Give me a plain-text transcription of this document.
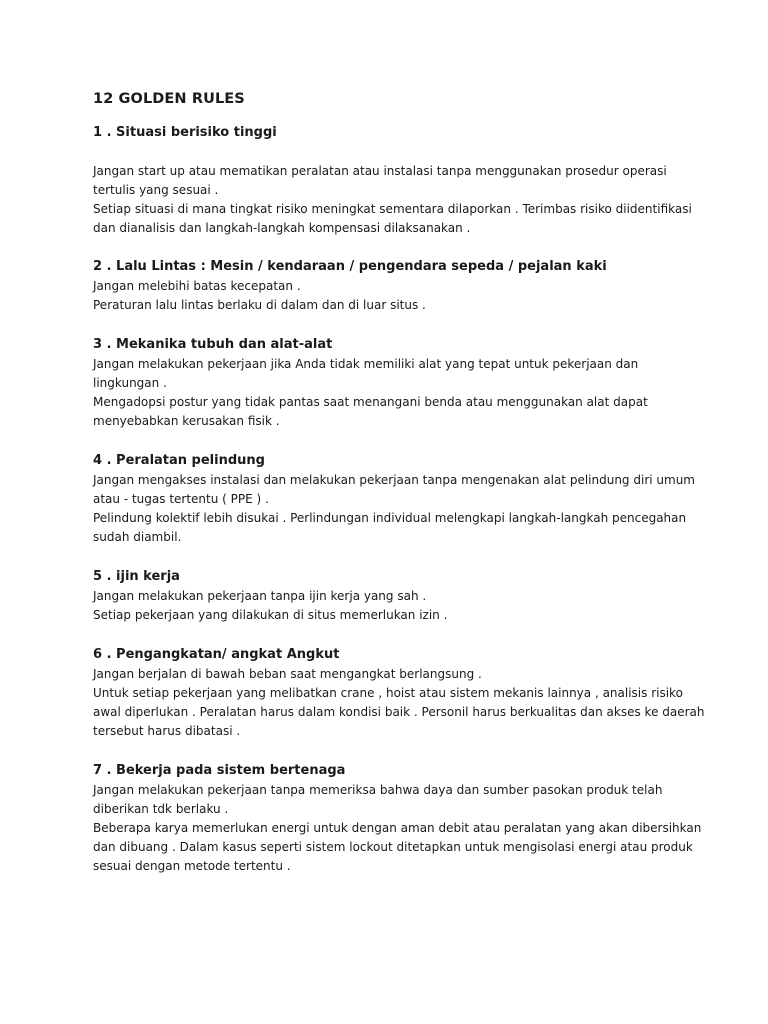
12 GOLDEN RULES
1 . Situasi berisiko tinggi

Jangan start up atau mematikan peralatan atau instalasi tanpa menggunakan prosedur operasi tertulis yang sesuai .

Setiap situasi di mana tingkat risiko meningkat sementara dilaporkan . Terimbas risiko diidentifikasi dan dianalisis dan langkah-langkah kompensasi dilaksanakan .

2 . Lalu Lintas : Mesin / kendaraan / pengendara sepeda / pejalan kaki

Jangan melebihi batas kecepatan .

Peraturan lalu lintas berlaku di dalam dan di luar situs .

3 . Mekanika tubuh dan alat-alat

Jangan melakukan pekerjaan jika Anda tidak memiliki alat yang tepat untuk pekerjaan dan lingkungan .

Mengadopsi postur yang tidak pantas saat menangani benda atau menggunakan alat dapat menyebabkan kerusakan fisik .

4 . Peralatan pelindung

Jangan mengakses instalasi dan melakukan pekerjaan tanpa mengenakan alat pelindung diri umum atau - tugas tertentu ( PPE ) .

Pelindung kolektif lebih disukai . Perlindungan individual melengkapi langkah-langkah pencegahan sudah diambil.

5 . ijin kerja

Jangan melakukan pekerjaan tanpa ijin kerja yang sah .

Setiap pekerjaan yang dilakukan di situs memerlukan izin .

6 . Pengangkatan/ angkat Angkut

Jangan berjalan di bawah beban saat mengangkat berlangsung .

Untuk setiap pekerjaan yang melibatkan crane , hoist atau sistem mekanis lainnya , analisis risiko awal diperlukan . Peralatan harus dalam kondisi baik . Personil harus berkualitas dan akses ke daerah tersebut harus dibatasi .

7 . Bekerja pada sistem bertenaga

Jangan melakukan pekerjaan tanpa memeriksa bahwa daya dan sumber pasokan produk telah diberikan tdk berlaku .

Beberapa karya memerlukan energi untuk dengan aman debit atau peralatan yang akan dibersihkan dan dibuang . Dalam kasus seperti sistem lockout ditetapkan untuk mengisolasi energi atau produk sesuai dengan metode tertentu .
